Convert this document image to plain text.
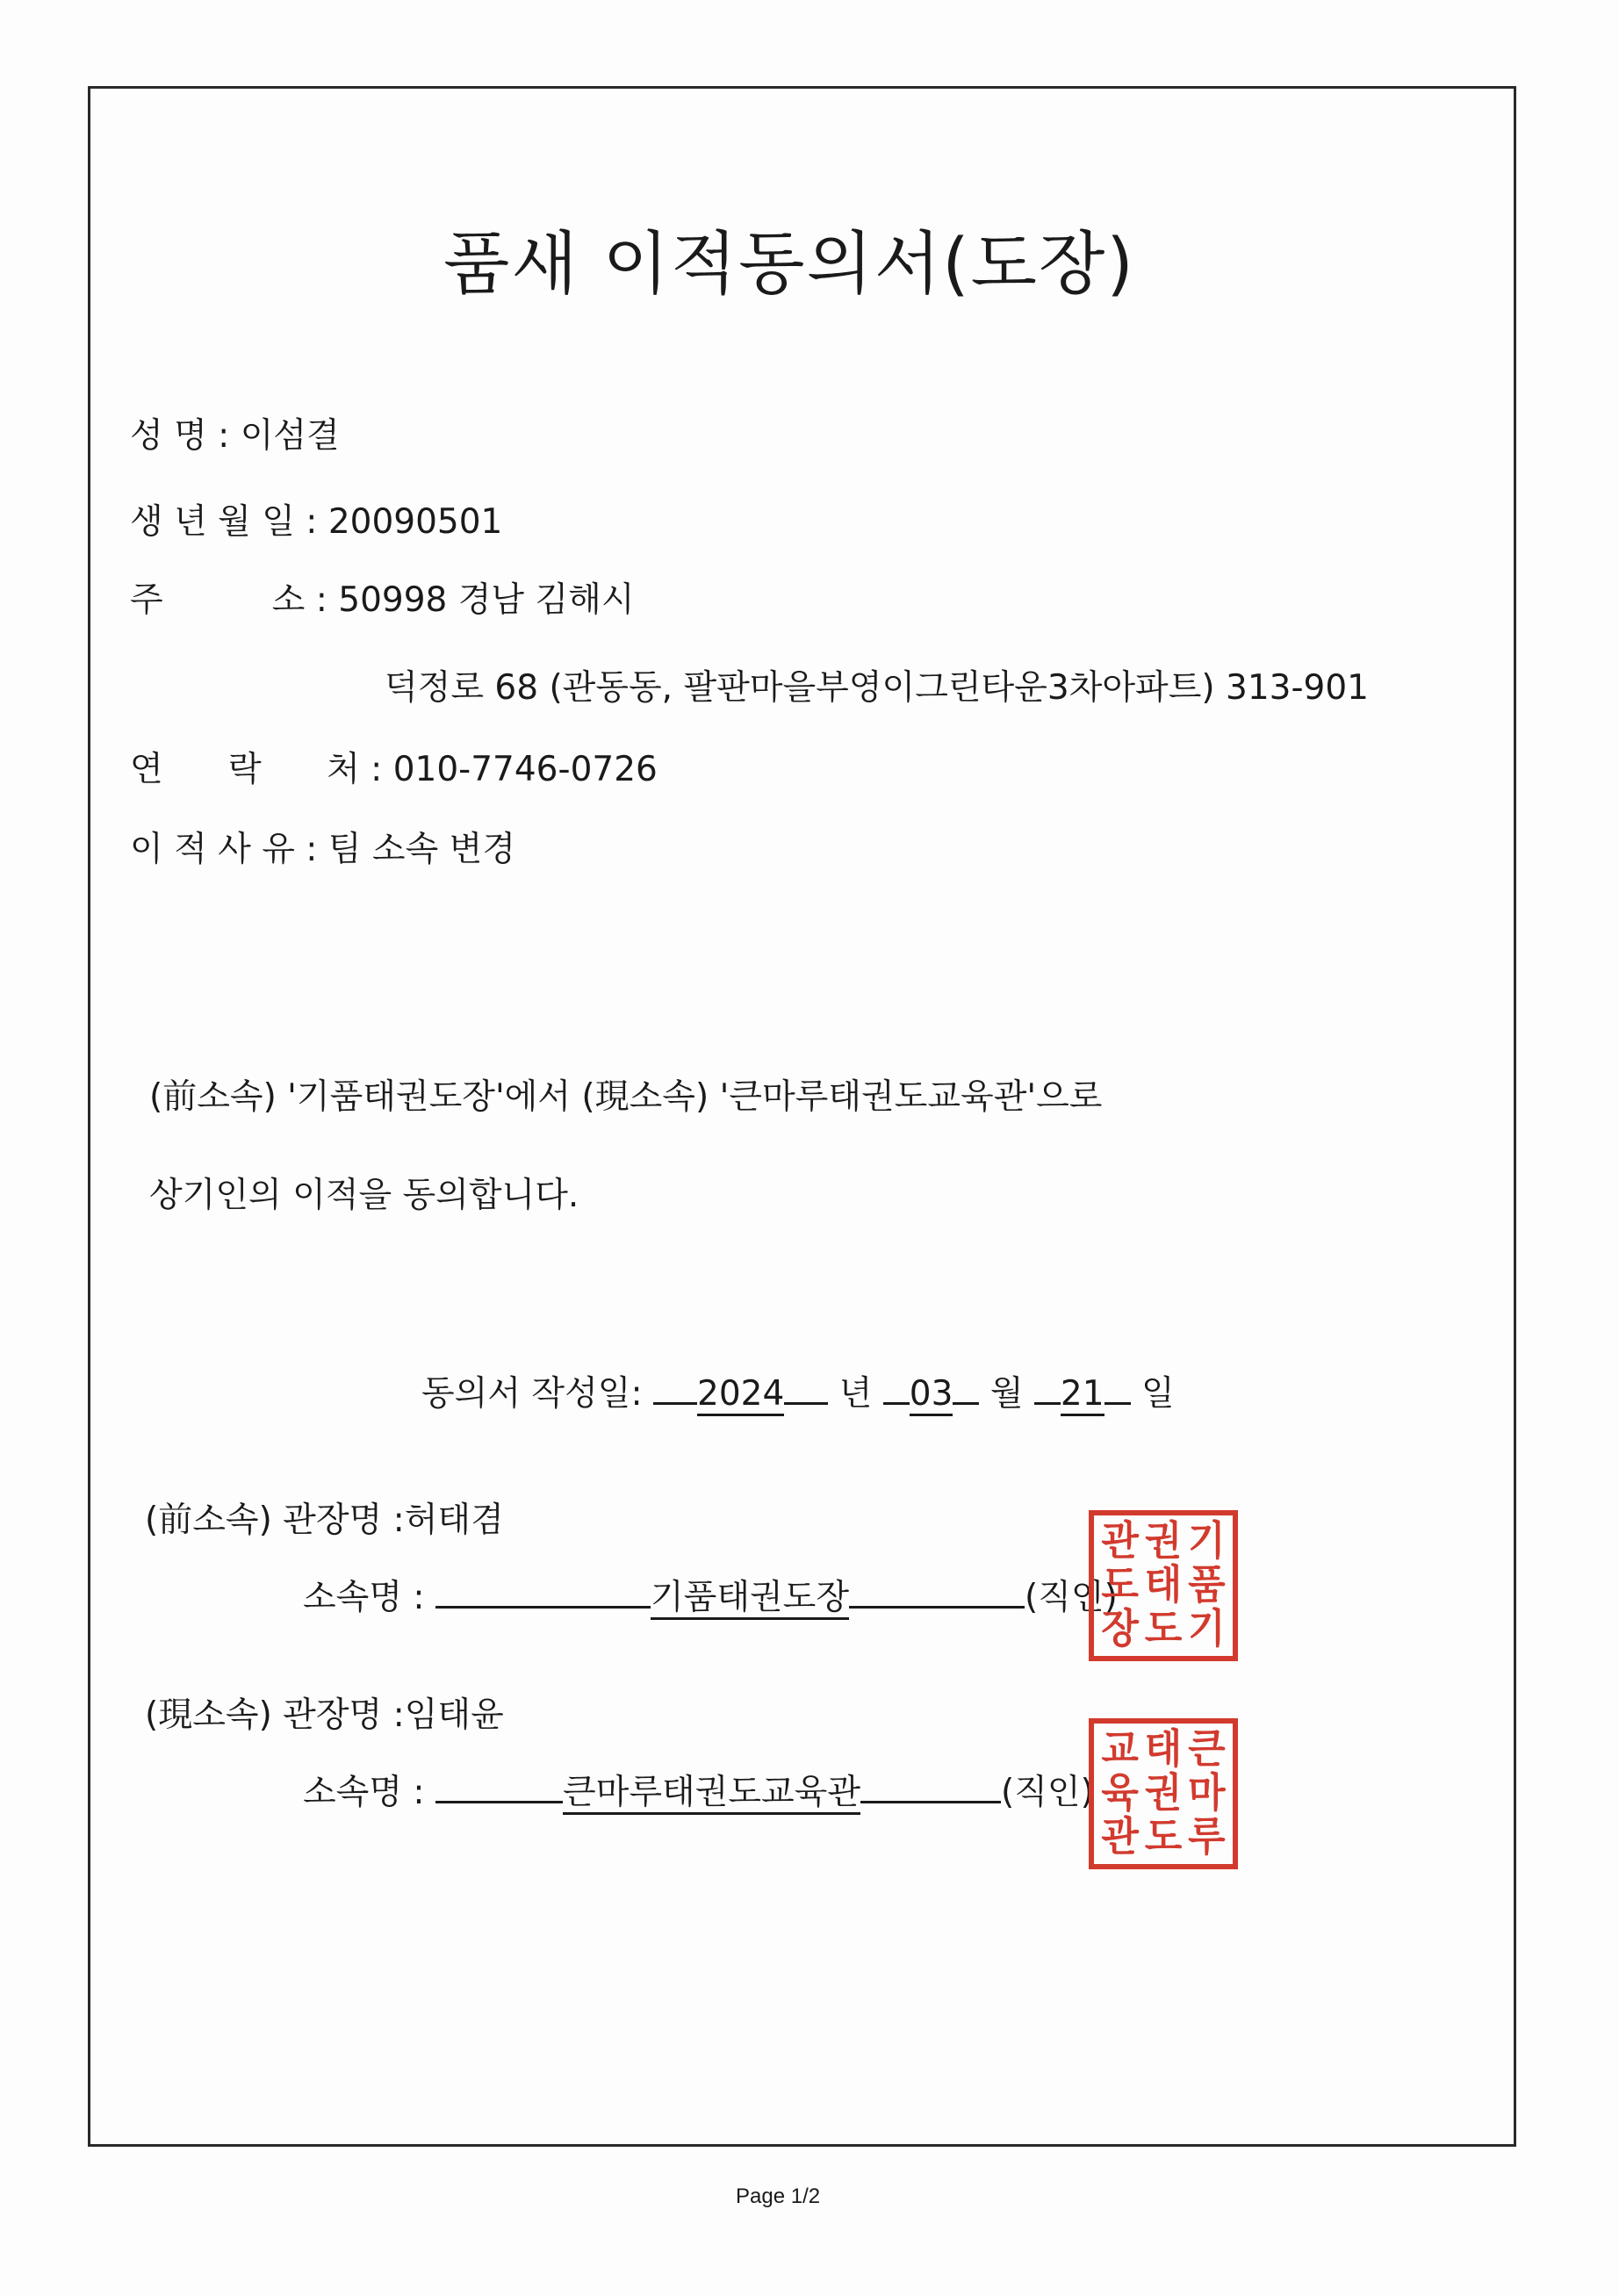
품새 이적동의서(도장)
성 명 : 이섬결
생 년 월 일 : 20090501
주          소 : 50998 경남 김해시
덕정로 68 (관동동, 팔판마을부영이그린타운3차아파트) 313-901
연      락      처 : 010-7746-0726
이 적 사 유 : 팀 소속 변경
(前소속) '기품태권도장'에서 (現소속) '큰마루태권도교육관'으로
상기인의 이적을 동의합니다.
동의서 작성일: 2024 년 03 월 21 일
(前소속) 관장명 :허태겸
소속명 :	기품태권도장	(직인)
관 권 기
도 태 품
장 도 기
(現소속) 관장명 :임태윤
소속명 :	큰마루태권도교육관	(직인)
교 태 큰
육 권 마
관 도 루
Page 1/2
